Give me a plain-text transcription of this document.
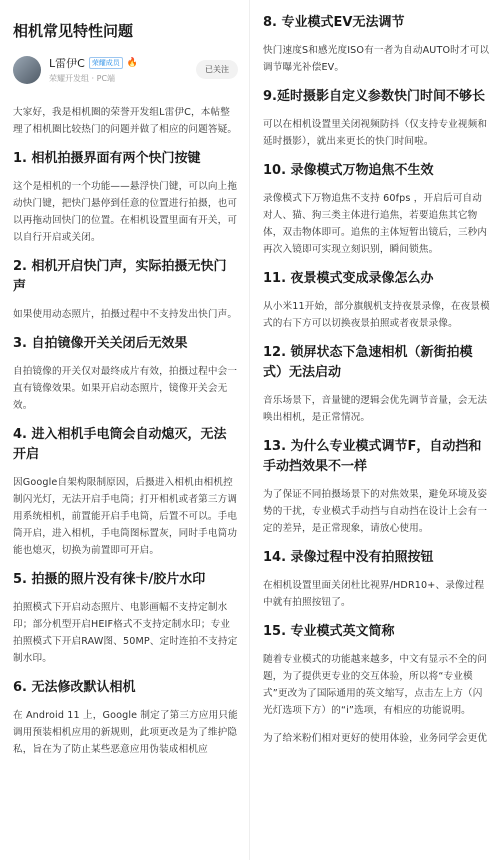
相机常见特性问题
L雷伊C	荣耀成员 🔥
荣耀开发组 · PC端
已关注

大家好，我是相机圈的荣誉开发组L雷伊C，本帖整理了相机圈比较热门的问题并做了相应的问题答疑。

1. 相机拍摄界面有两个快门按键

这个是相机的一个功能——悬浮快门键，可以向上拖动快门键，把快门悬停到任意的位置进行拍摄，也可以再拖动回快门的位置。在相机设置里面有开关，可以自行开启或关闭。

2. 相机开启快门声，实际拍摄无快门声

如果使用动态照片，拍摄过程中不支持发出快门声。

3. 自拍镜像开关关闭后无效果

自拍镜像的开关仅对最终成片有效，拍摄过程中会一直有镜像效果。如果开启动态照片，镜像开关会无效。

4. 进入相机手电筒会自动熄灭，无法开启

因Google自架构限制原因，后摄进入相机由相机控制闪光灯，无法开启手电筒；打开相机或者第三方调用系统相机，前置能开启手电筒，后置不可以。手电筒开启，进入相机，手电筒图标置灰，同时手电筒功能也熄灭，切换为前置即可开启。

5. 拍摄的照片没有徕卡/胶片水印

拍照模式下开启动态照片、电影画幅不支持定制水印；部分机型开启HEIF格式不支持定制水印；专业拍照模式下开启RAW图、50MP、定时连拍不支持定制水印。

6. 无法修改默认相机

在 Android 11 上，Google 制定了第三方应用只能调用预装相机应用的新规则，此项更改是为了维护隐私，旨在为了防止某些恶意应用伪装成相机应

8. 专业模式EV无法调节

快门速度S和感光度ISO有一者为自动AUTO时才可以调节曝光补偿EV。

9.延时摄影自定义参数快门时间不够长

可以在相机设置里关闭视频防抖（仅支持专业视频和延时摄影），就出来更长的快门时间啦。

10. 录像模式万物追焦不生效

录像模式下万物追焦不支持 60fps ，开启后可自动对人、猫、狗三类主体进行追焦，若要追焦其它物体，双击物体即可。追焦的主体短暂出镜后，三秒内再次入镜即可实现立刻识别，瞬间锁焦。

11. 夜景模式变成录像怎么办

从小米11开始，部分旗舰机支持夜景录像，在夜景模式的右下方可以切换夜景拍照或者夜景录像。

12. 锁屏状态下急速相机（新街拍模式）无法启动

音乐场景下，音量键的逻辑会优先调节音量，会无法唤出相机，是正常情况。

13. 为什么专业模式调节F，自动挡和手动挡效果不一样

为了保证不同拍摄场景下的对焦效果，避免环境及姿势的干扰，专业模式手动挡与自动挡在设计上会有一定的差异，是正常现象，请放心使用。

14. 录像过程中没有拍照按钮

在相机设置里面关闭杜比视界/HDR10+、录像过程中就有拍照按钮了。

15. 专业模式英文简称

随着专业模式的功能越来越多，中文有显示不全的问题，为了提供更专业的交互体验，所以将“专业模式”更改为了国际通用的英文缩写，点击左上方（闪光灯选项下方）的“i”选项，有相应的功能说明。

为了给米粉们相对更好的使用体验，业务同学会更优
